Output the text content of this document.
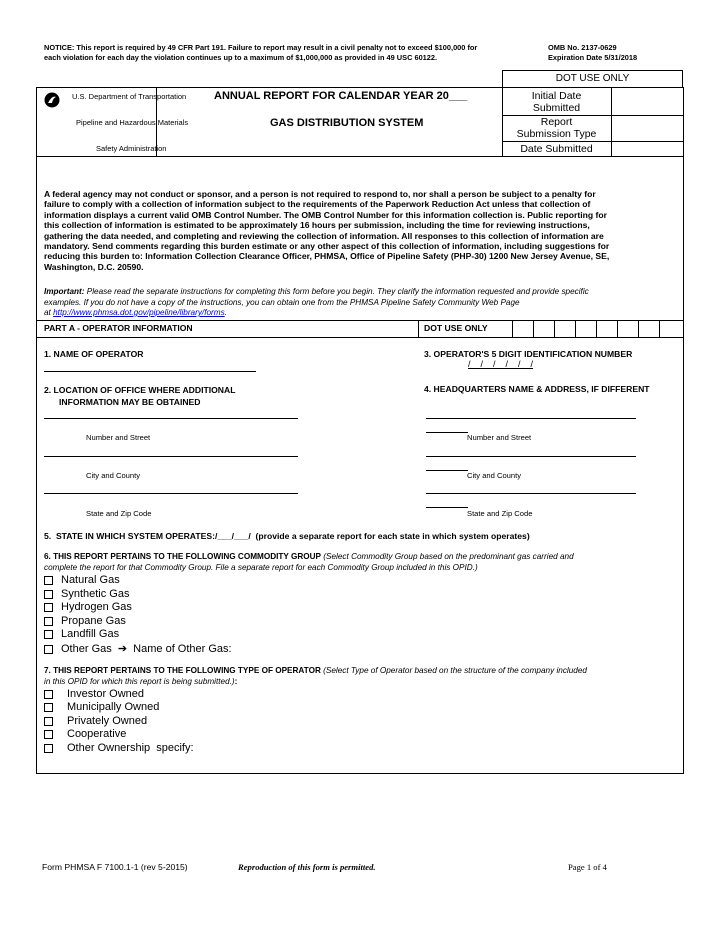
NOTICE: This report is required by 49 CFR Part 191. Failure to report may result in a civil penalty not to exceed $100,000 for
each violation for each day the violation continues up to a maximum of $1,000,000 as provided in 49 USC 60122.
OMB No. 2137-0629
Expiration Date 5/31/2018
DOT USE ONLY
U.S. Department of Transportation
Pipeline and Hazardous Materials
Safety Administration
ANNUAL REPORT FOR CALENDAR YEAR 20___
GAS DISTRIBUTION SYSTEM
Initial Date
Submitted
Report
Submission Type
Date Submitted
A federal agency may not conduct or sponsor, and a person is not required to respond to, nor shall a person be subject to a penalty for
failure to comply with a collection of information subject to the requirements of the Paperwork Reduction Act unless that collection of
information displays a current valid OMB Control Number. The OMB Control Number for this information collection is. Public reporting for
this collection of information is estimated to be approximately 16 hours per submission, including the time for reviewing instructions,
gathering the data needed, and completing and reviewing the collection of information. All responses to this collection of information are
mandatory. Send comments regarding this burden estimate or any other aspect of this collection of information, including suggestions for
reducing this burden to: Information Collection Clearance Officer, PHMSA, Office of Pipeline Safety (PHP-30) 1200 New Jersey Avenue, SE,
Washington, D.C. 20590.
Important: Please read the separate instructions for completing this form before you begin. They clarify the information requested and provide specific
examples. If you do not have a copy of the instructions, you can obtain one from the PHMSA Pipeline Safety Community Web Page
at http://www.phmsa.dot.gov/pipeline/library/forms.
PART A - OPERATOR INFORMATION	DOT USE ONLY
1. NAME OF OPERATOR	3. OPERATOR'S 5 DIGIT IDENTIFICATION NUMBER
/    /    /    /    /    /
2. LOCATION OF OFFICE WHERE ADDITIONAL
INFORMATION MAY BE OBTAINED
4. HEADQUARTERS NAME & ADDRESS, IF DIFFERENT
Number and Street
City and County
State and Zip Code
Number and Street
City and County
State and Zip Code
5.  STATE IN WHICH SYSTEM OPERATES:/___/___/  (provide a separate report for each state in which system operates)
6. THIS REPORT PERTAINS TO THE FOLLOWING COMMODITY GROUP (Select Commodity Group based on the predominant gas carried and
complete the report for that Commodity Group. File a separate report for each Commodity Group included in this OPID.)
Natural Gas
Synthetic Gas
Hydrogen Gas
Propane Gas
Landfill Gas
Other Gas  ➔  Name of Other Gas:
7. THIS REPORT PERTAINS TO THE FOLLOWING TYPE OF OPERATOR (Select Type of Operator based on the structure of the company included
in this OPID for which this report is being submitted.):
Investor Owned
Municipally Owned
Privately Owned
Cooperative
Other Ownership  specify:
Form PHMSA F 7100.1-1 (rev 5-2015)	Reproduction of this form is permitted.	Page 1 of 4
